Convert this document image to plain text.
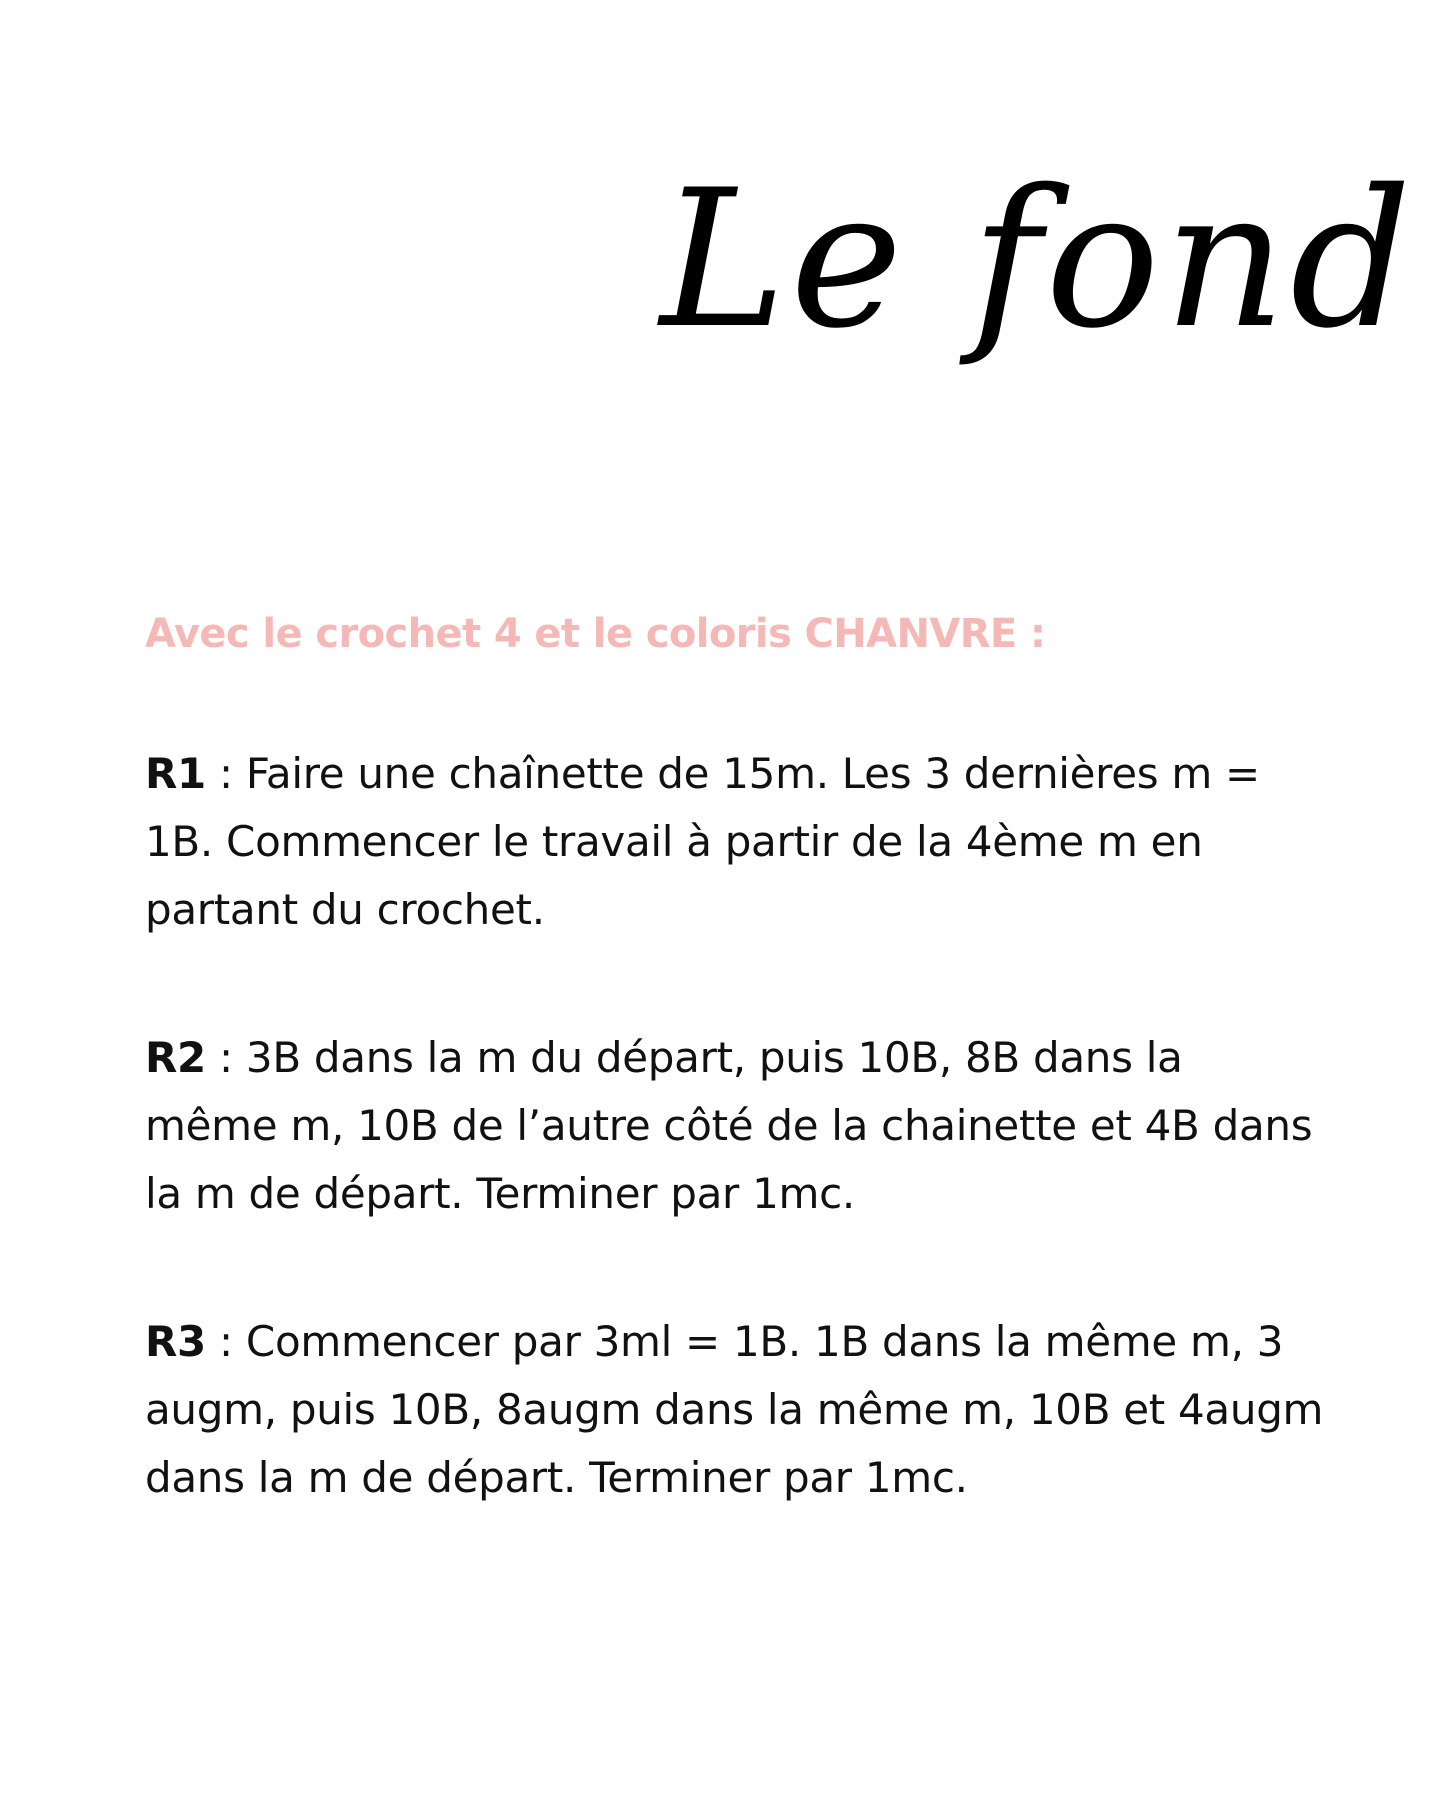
Le fond

Avec le crochet 4 et le coloris CHANVRE :

R1 : Faire une chaînette de 15m. Les 3 dernières m = 1B. Commencer le travail à partir de la 4ème m en partant du crochet.

R2 : 3B dans la m du départ, puis 10B, 8B dans la même m, 10B de l’autre côté de la chainette et 4B dans la m de départ. Terminer par 1mc.

R3 : Commencer par 3ml = 1B. 1B dans la même m, 3 augm, puis 10B, 8augm dans la même m, 10B et 4augm dans la m de départ. Terminer par 1mc.
